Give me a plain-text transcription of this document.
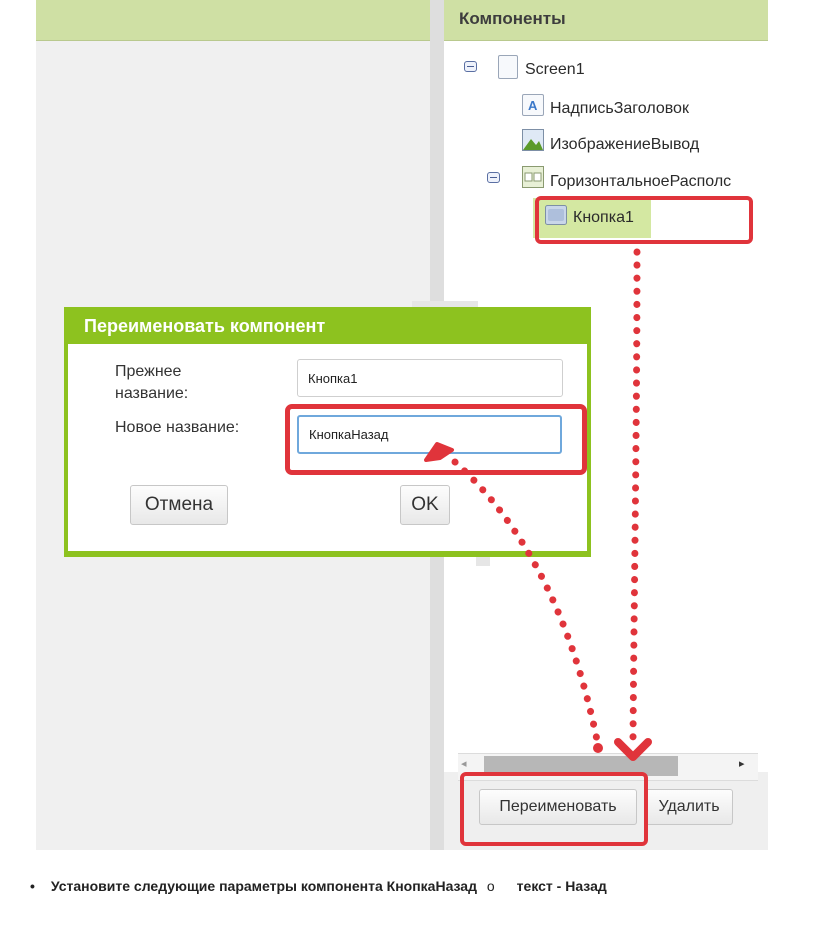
Компоненты
Screen1
A НадписьЗаголовок
ИзображениеВывод
ГоризонтальноеРасполс
Кнопка1
◂	▸
Переименовать	Удалить
Переименовать компонент
Прежнее название:
Кнопка1
Новое название:
КнопкаНазад
Отмена	OK
• Установите следующие параметры компонента КнопкаНазад o текст - Назад
